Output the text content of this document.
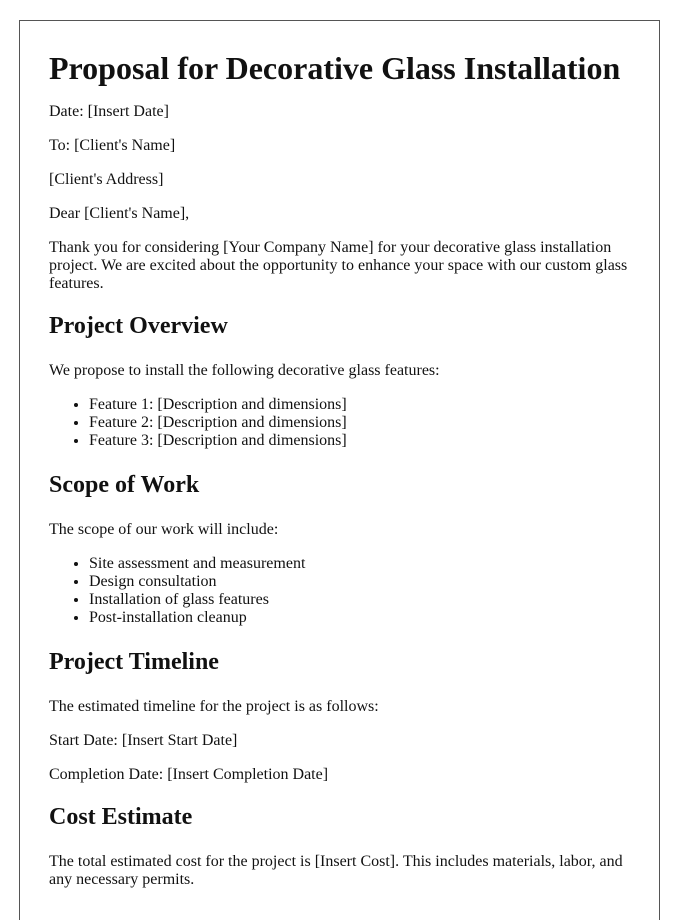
Proposal for Decorative Glass Installation

Date: [Insert Date]

To: [Client's Name]

[Client's Address]

Dear [Client's Name],

Thank you for considering [Your Company Name] for your decorative glass installation project. We are excited about the opportunity to enhance your space with our custom glass features.

Project Overview

We propose to install the following decorative glass features:

• Feature 1: [Description and dimensions]
• Feature 2: [Description and dimensions]
• Feature 3: [Description and dimensions]
Scope of Work

The scope of our work will include:

• Site assessment and measurement
• Design consultation
• Installation of glass features
• Post-installation cleanup
Project Timeline

The estimated timeline for the project is as follows:

Start Date: [Insert Start Date]

Completion Date: [Insert Completion Date]

Cost Estimate

The total estimated cost for the project is [Insert Cost]. This includes materials, labor, and any necessary permits.
